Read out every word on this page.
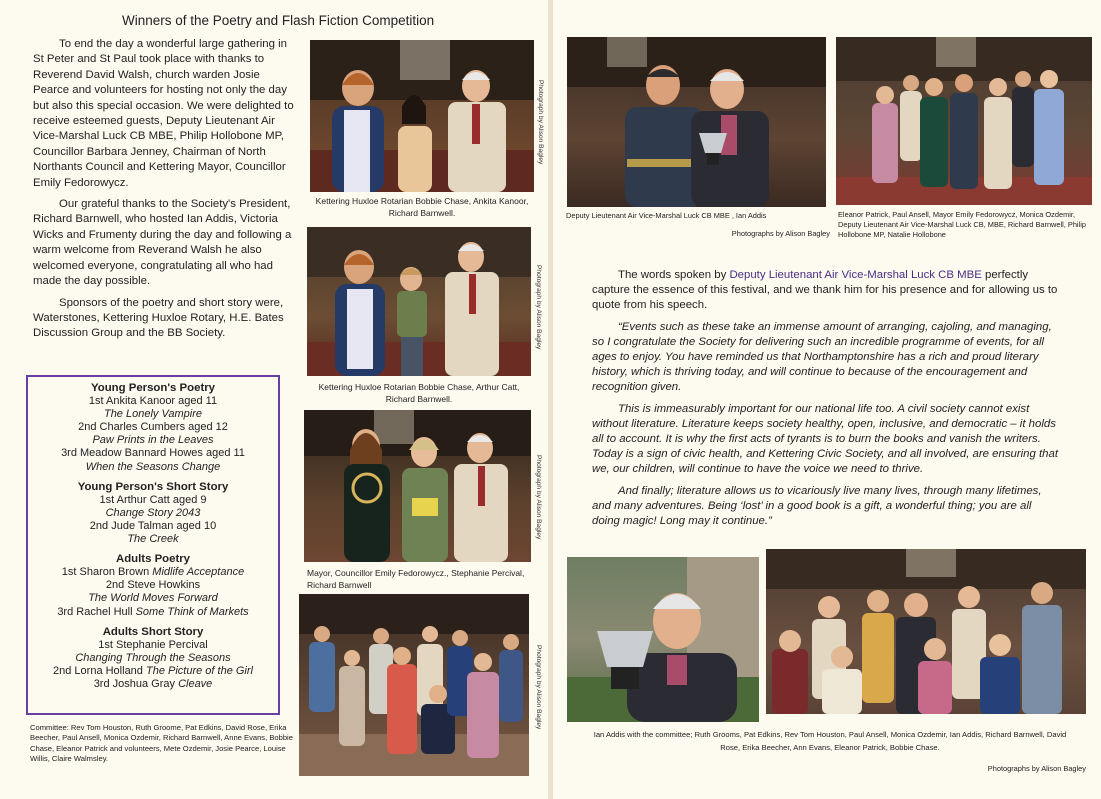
Winners of the Poetry and Flash Fiction Competition

To end the day a wonderful large gathering in St Peter and St Paul took place with thanks to Reverend David Walsh, church warden Josie Pearce and volunteers for hosting not only the day but also this special occasion. We were delighted to receive esteemed guests, Deputy Lieutenant Air Vice-Marshal Luck CB MBE, Philip Hollobone MP, Councillor Barbara Jenney, Chairman of North Northants Council and Kettering Mayor, Councillor Emily Fedorowycz.

Our grateful thanks to the Society's President, Richard Barnwell, who hosted Ian Addis, Victoria Wicks and Frumenty during the day and following a warm welcome from Reverand Walsh he also welcomed everyone, congratulating all who had made the day possible.

Sponsors of the poetry and short story were, Waterstones, Kettering Huxloe Rotary, H.E. Bates Discussion Group and the BB Society.

Young Person's Poetry
1st Ankita Kanoor aged 11
The Lonely Vampire
2nd Charles Cumbers aged 12
Paw Prints in the Leaves
3rd Meadow Bannard Howes aged 11
When the Seasons Change
Young Person's Short Story
1st Arthur Catt aged 9
Change Story 2043
2nd Jude Talman aged 10
The Creek
Adults Poetry
1st Sharon Brown Midlife Acceptance
2nd Steve Howkins
The World Moves Forward
3rd Rachel Hull Some Think of Markets
Adults Short Story
1st Stephanie Percival
Changing Through the Seasons
2nd Lorna Holland The Picture of the Girl
3rd Joshua Gray Cleave
Committee: Rev Tom Houston, Ruth Groome, Pat Edkins, David Rose, Erika Beecher, Paul Ansell, Monica Ozdemir, Richard Barnwell, Anne Evans, Bobbie Chase, Eleanor Patrick and volunteers, Mete Ozdemir, Josie Pearce, Louise Willis, Claire Walmsley.
Photograph by Alison Bagley
Kettering Huxloe Rotarian Bobbie Chase, Ankita Kanoor, Richard Barnwell.
Photograph by Alison Bagley
Kettering Huxloe Rotarian Bobbie Chase, Arthur Catt, Richard Barnwell.
Photograph by Alison Bagley
Mayor, Councillor Emily Fedorowycz., Stephanie Percival, Richard Barnwell
Photograph by Alison Bagley
Deputy Lieutenant Air Vice-Marshal Luck CB MBE , Ian Addis
Photographs by Alison Bagley
Eleanor Patrick, Paul Ansell, Mayor Emily Fedorowycz, Monica Ozdemir, Deputy Lieutenant Air Vice-Marshal Luck CB, MBE, Richard Barnwell, Philip Hollobone MP, Natalie Hollobone

The words spoken by Deputy Lieutenant Air Vice-Marshal Luck CB MBE perfectly capture the essence of this festival, and we thank him for his presence and for allowing us to quote from his speech.

“Events such as these take an immense amount of arranging, cajoling, and managing, so I congratulate the Society for delivering such an incredible programme of events, for all ages to enjoy. You have reminded us that Northamptonshire has a rich and proud literary history, which is thriving today, and will continue to because of the encouragement and recognition given.

This is immeasurably important for our national life too. A civil society cannot exist without literature. Literature keeps society healthy, open, inclusive, and democratic – it holds all to account. It is why the first acts of tyrants is to burn the books and vanish the writers. Today is a sign of civic health, and Kettering Civic Society, and all involved, are ensuring that we, our children, will continue to have the voice we need to thrive.

And finally; literature allows us to vicariously live many lives, through many lifetimes, and many adventures. Being ‘lost’ in a good book is a gift, a wonderful thing; you are all doing magic! Long may it continue.”

Ian Addis with the committee; Ruth Grooms, Pat Edkins, Rev Tom Houston, Paul Ansell, Monica Ozdemir, Ian Addis, Richard Barnwell, David Rose, Erika Beecher, Ann Evans, Eleanor Patrick, Bobbie Chase.
Photographs by Alison Bagley
